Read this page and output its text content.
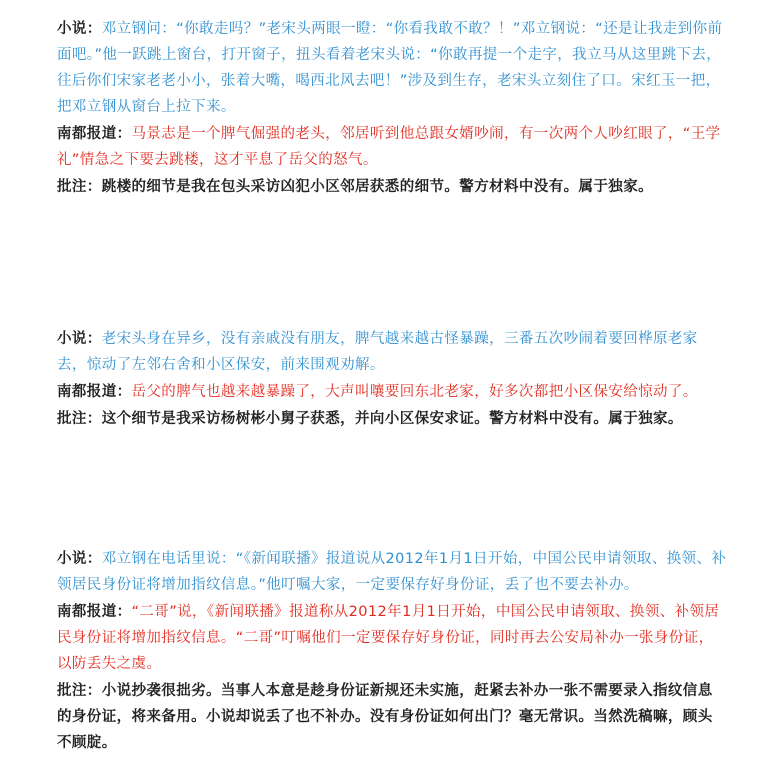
小说：邓立钢问：“你敢走吗？”老宋头两眼一瞪：“你看我敢不敢？！”邓立钢说：“还是让我走到你前面吧。”他一跃跳上窗台，打开窗子，扭头看着老宋头说：“你敢再提一个走字，我立马从这里跳下去，往后你们宋家老老小小，张着大嘴，喝西北风去吧！”涉及到生存，老宋头立刻住了口。宋红玉一把，把邓立钢从窗台上拉下来。

南都报道：马景志是一个脾气倔强的老头，邻居听到他总跟女婿吵闹，有一次两个人吵红眼了，“王学礼”情急之下要去跳楼，这才平息了岳父的怒气。

批注：跳楼的细节是我在包头采访凶犯小区邻居获悉的细节。警方材料中没有。属于独家。

小说：老宋头身在异乡，没有亲戚没有朋友，脾气越来越古怪暴躁，三番五次吵闹着要回桦原老家去，惊动了左邻右舍和小区保安，前来围观劝解。

南都报道：岳父的脾气也越来越暴躁了，大声叫嚷要回东北老家，好多次都把小区保安给惊动了。

批注：这个细节是我采访杨树彬小舅子获悉，并向小区保安求证。警方材料中没有。属于独家。

小说：邓立钢在电话里说：“《新闻联播》报道说从2012年1月1日开始，中国公民申请领取、换领、补领居民身份证将增加指纹信息。”他叮嘱大家，一定要保存好身份证，丢了也不要去补办。

南都报道：“二哥”说，《新闻联播》报道称从2012年1月1日开始，中国公民申请领取、换领、补领居民身份证将增加指纹信息。“二哥”叮嘱他们一定要保存好身份证，同时再去公安局补办一张身份证，以防丢失之虞。

批注：小说抄袭很拙劣。当事人本意是趁身份证新规还未实施，赶紧去补办一张不需要录入指纹信息的身份证，将来备用。小说却说丢了也不补办。没有身份证如何出门？毫无常识。当然洗稿嘛，顾头不顾腚。
